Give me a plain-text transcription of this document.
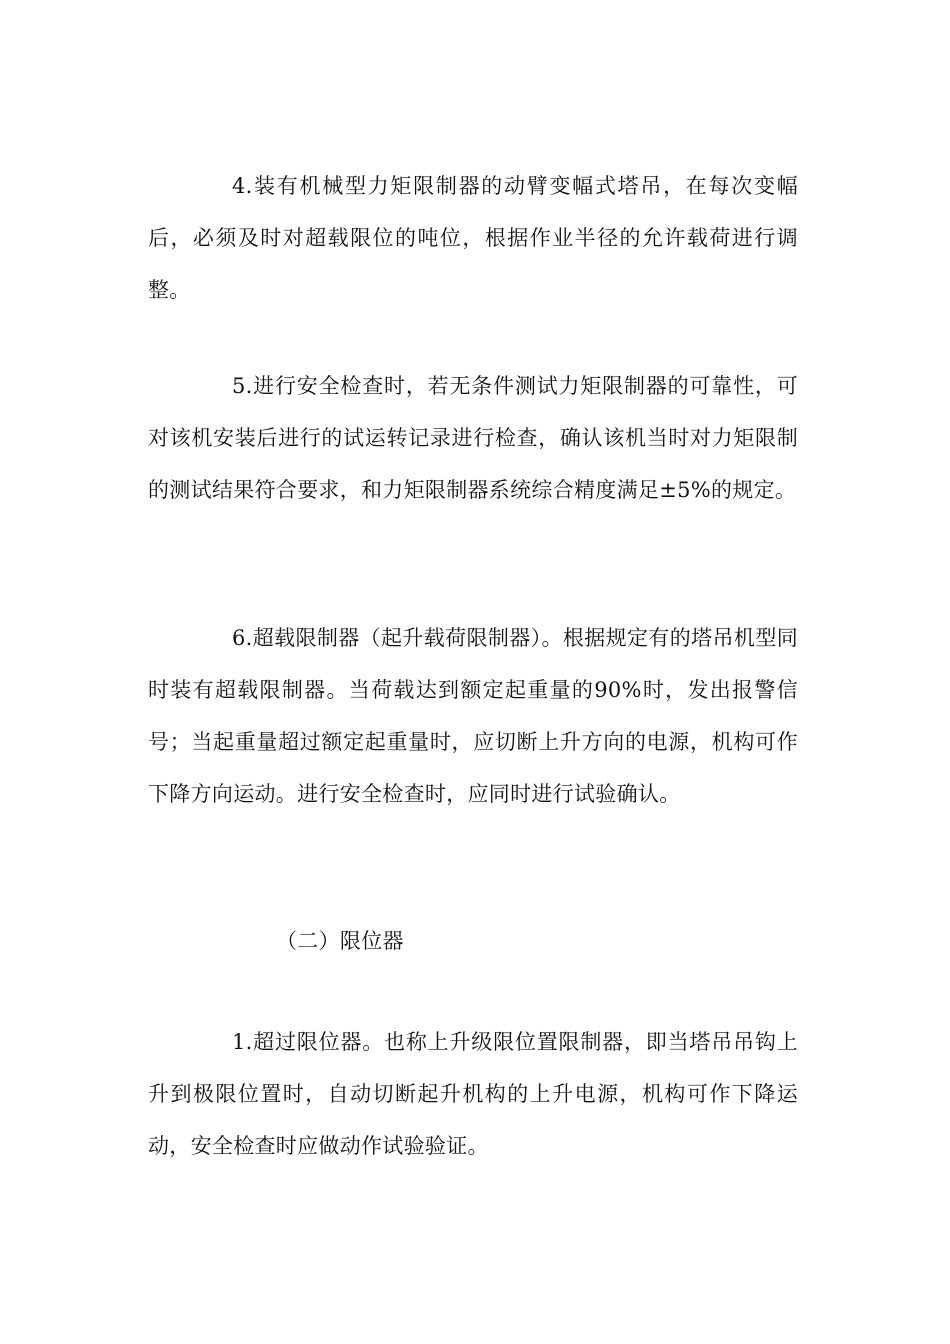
4.装有机械型力矩限制器的动臂变幅式塔吊，在每次变幅后，必须及时对超载限位的吨位，根据作业半径的允许载荷进行调整。

5.进行安全检查时，若无条件测试力矩限制器的可靠性，可对该机安装后进行的试运转记录进行检查，确认该机当时对力矩限制的测试结果符合要求，和力矩限制器系统综合精度满足±5%的规定。

6.超载限制器（起升载荷限制器）。根据规定有的塔吊机型同时装有超载限制器。当荷载达到额定起重量的90%时，发出报警信号；当起重量超过额定起重量时，应切断上升方向的电源，机构可作下降方向运动。进行安全检查时，应同时进行试验确认。

（二）限位器

1.超过限位器。也称上升级限位置限制器，即当塔吊吊钩上升到极限位置时，自动切断起升机构的上升电源，机构可作下降运动，安全检查时应做动作试验验证。
